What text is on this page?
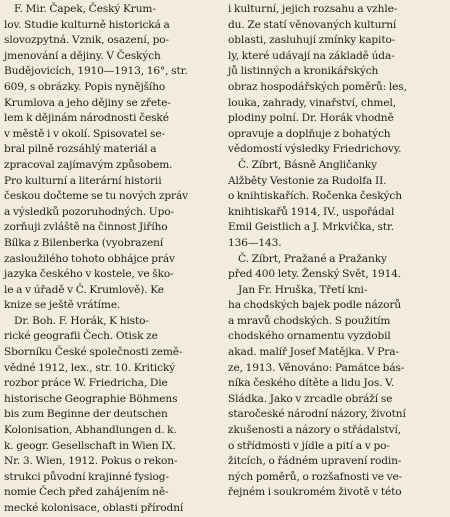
F. Mir. Čapek, Český Krum-
lov. Studie kulturně historická a
slovozpytná. Vznik, osazení, po-
jmenování a dějiny. V Českých
Budějovicích, 1910—1913, 16°, str.
609, s obrázky. Popis nynějšího
Krumlova a jeho dějiny se zřete-
lem k dějinám národnosti české
v městě i v okolí. Spisovatel se-
bral pilně rozsáhlý materiál a
zpracoval zajímavým způsobem.
Pro kulturní a literární historii
českou dočteme se tu nových zpráv
a výsledků pozoruhodných. Upo-
zorňuji zvláště na činnost Jiřího
Bílka z Bilenberka (vyobrazení
zasloužilého tohoto obhájce práv
jazyka českého v kostele, ve ško-
le a v úřadě v Č. Krumlově). Ke
knize se ještě vrátíme.
Dr. Boh. F. Horák, K histo-
rické geografii Čech. Otisk ze
Sborníku České společnosti země-
vědné 1912, lex., str. 10. Kritický
rozbor práce W. Friedricha, Die
historische Geographie Böhmens
bis zum Beginne der deutschen
Kolonisation, Abhandlungen d. k.
k. geogr. Gesellschaft in Wien IX.
Nr. 3. Wien, 1912. Pokus o rekon-
strukci původní krajinné fysiog-
nomie Čech před zahájením ně-
mecké kolonisace, oblasti přírodní
i kulturní, jejich rozsahu a vzhle-
du. Ze statí věnovaných kulturní
oblasti, zasluhují zmínky kapito-
ly, které udávají na základě úda-
jů listinných a kronikářských
obraz hospodářských poměrů: les,
louka, zahrady, vinařství, chmel,
plodiny polní. Dr. Horák vhodně
opravuje a doplňuje z bohatých
vědomostí výsledky Friedrichovy.
Č. Zíbrt, Básně Angličanky
Alžběty Vestonie za Rudolfa II.
o knihtiskařích. Ročenka českých
knihtiskařů 1914, IV., uspořádal
Emil Geistlich a J. Mrkvička, str.
136—143.
Č. Zíbrt, Pražané a Pražanky
před 400 lety. Ženský Svět, 1914.
Jan Fr. Hruška, Třetí kni-
ha chodských bajek podle názorů
a mravů chodských. S použitím
chodského ornamentu vyzdobil
akad. malíř Josef Matějka. V Pra-
ze, 1913. Věnováno: Památce bás-
níka českého dítěte a lidu Jos. V.
Sládka. Jako v zrcadle obráží se
staročeské národní názory, životní
zkušenosti a názory o střádalství,
o střídmosti v jídle a pití a v po-
žitcích, o řádném upravení rodin-
ných poměrů, o rozšafnosti ve ve-
řejném i soukromém životě v této
